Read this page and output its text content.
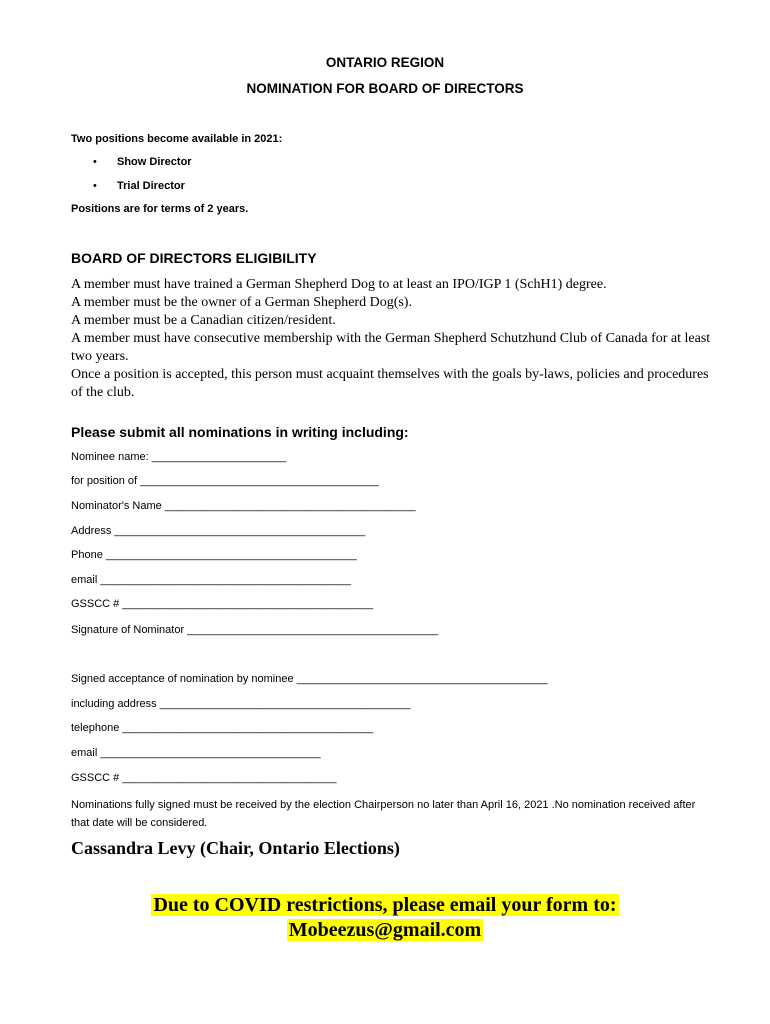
ONTARIO REGION
NOMINATION FOR BOARD OF DIRECTORS
Two positions become available in 2021:
• Show Director
• Trial Director
Positions are for terms of 2 years.
BOARD OF DIRECTORS ELIGIBILITY

A member must have trained a German Shepherd Dog to at least an IPO/IGP 1 (SchH1) degree.

A member must be the owner of a German Shepherd Dog(s).

A member must be a Canadian citizen/resident.

A member must have consecutive membership with the German Shepherd Schutzhund Club of Canada for at least two years.

Once a position is accepted, this person must acquaint themselves with the goals by-laws, policies and procedures of the club.

Please submit all nominations in writing including:
Nominee name: ______________________
for position of _______________________________________
Nominator's Name _________________________________________
Address _________________________________________
Phone _________________________________________
email _________________________________________
GSSCC # _________________________________________
Signature of Nominator _________________________________________
Signed acceptance of nomination by nominee _________________________________________
including address _________________________________________
telephone _________________________________________
email ____________________________________
GSSCC # ___________________________________
Nominations fully signed must be received by the election Chairperson no later than April 16, 2021 .No nomination received after that date will be considered.
Cassandra Levy (Chair, Ontario Elections)
Due to COVID restrictions, please email your form to:
Mobeezus@gmail.com
